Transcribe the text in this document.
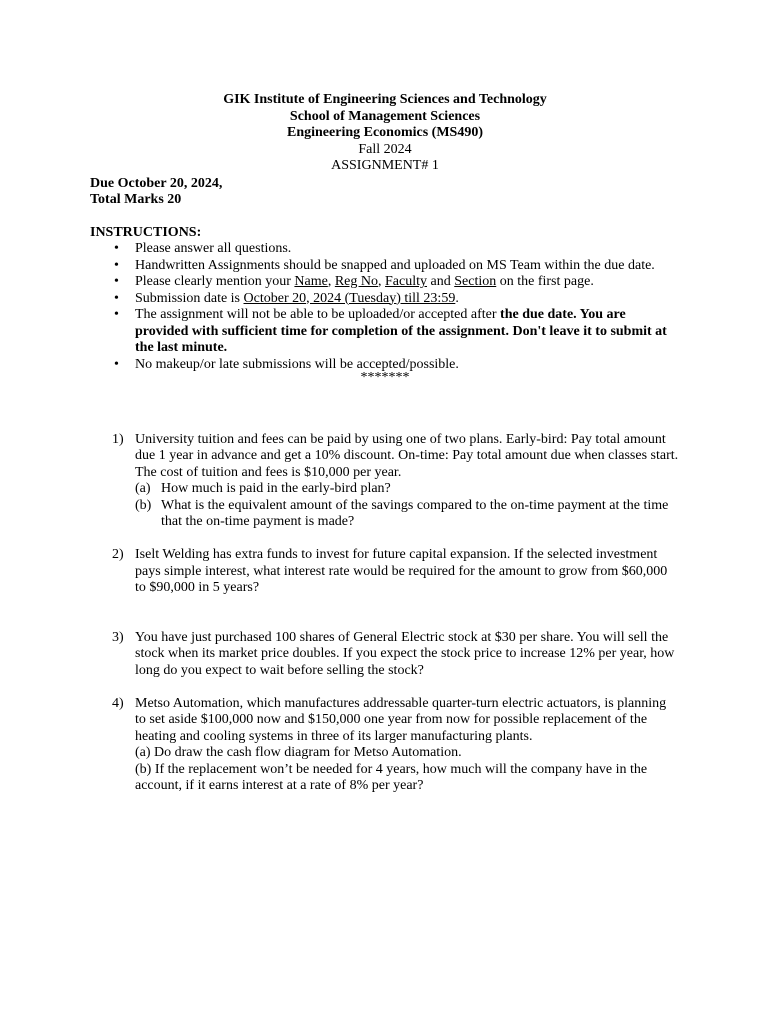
GIK Institute of Engineering Sciences and Technology
School of Management Sciences
Engineering Economics (MS490)
Fall 2024
ASSIGNMENT# 1
Due October 20, 2024,
Total Marks 20
INSTRUCTIONS:
• Please answer all questions.
• Handwritten Assignments should be snapped and uploaded on MS Team within the due date.
• Please clearly mention your Name, Reg No, Faculty and Section on the first page.
• Submission date is October 20, 2024 (Tuesday) till 23:59.
• The assignment will not be able to be uploaded/or accepted after the due date. You are provided with sufficient time for completion of the assignment. Don't leave it to submit at the last minute.
• No makeup/or late submissions will be accepted/possible.
*******
1) University tuition and fees can be paid by using one of two plans. Early-bird: Pay total amount due 1 year in advance and get a 10% discount. On-time: Pay total amount due when classes start. The cost of tuition and fees is $10,000 per year.
(a) How much is paid in the early-bird plan?
(b) What is the equivalent amount of the savings compared to the on-time payment at the time that the on-time payment is made?
2) Iselt Welding has extra funds to invest for future capital expansion. If the selected investment pays simple interest, what interest rate would be required for the amount to grow from $60,000 to $90,000 in 5 years?
3) You have just purchased 100 shares of General Electric stock at $30 per share. You will sell the stock when its market price doubles. If you expect the stock price to increase 12% per year, how long do you expect to wait before selling the stock?
4) Metso Automation, which manufactures addressable quarter-turn electric actuators, is planning to set aside $100,000 now and $150,000 one year from now for possible replacement of the heating and cooling systems in three of its larger manufacturing plants.
(a) Do draw the cash flow diagram for Metso Automation.
(b) If the replacement won’t be needed for 4 years, how much will the company have in the account, if it earns interest at a rate of 8% per year?
